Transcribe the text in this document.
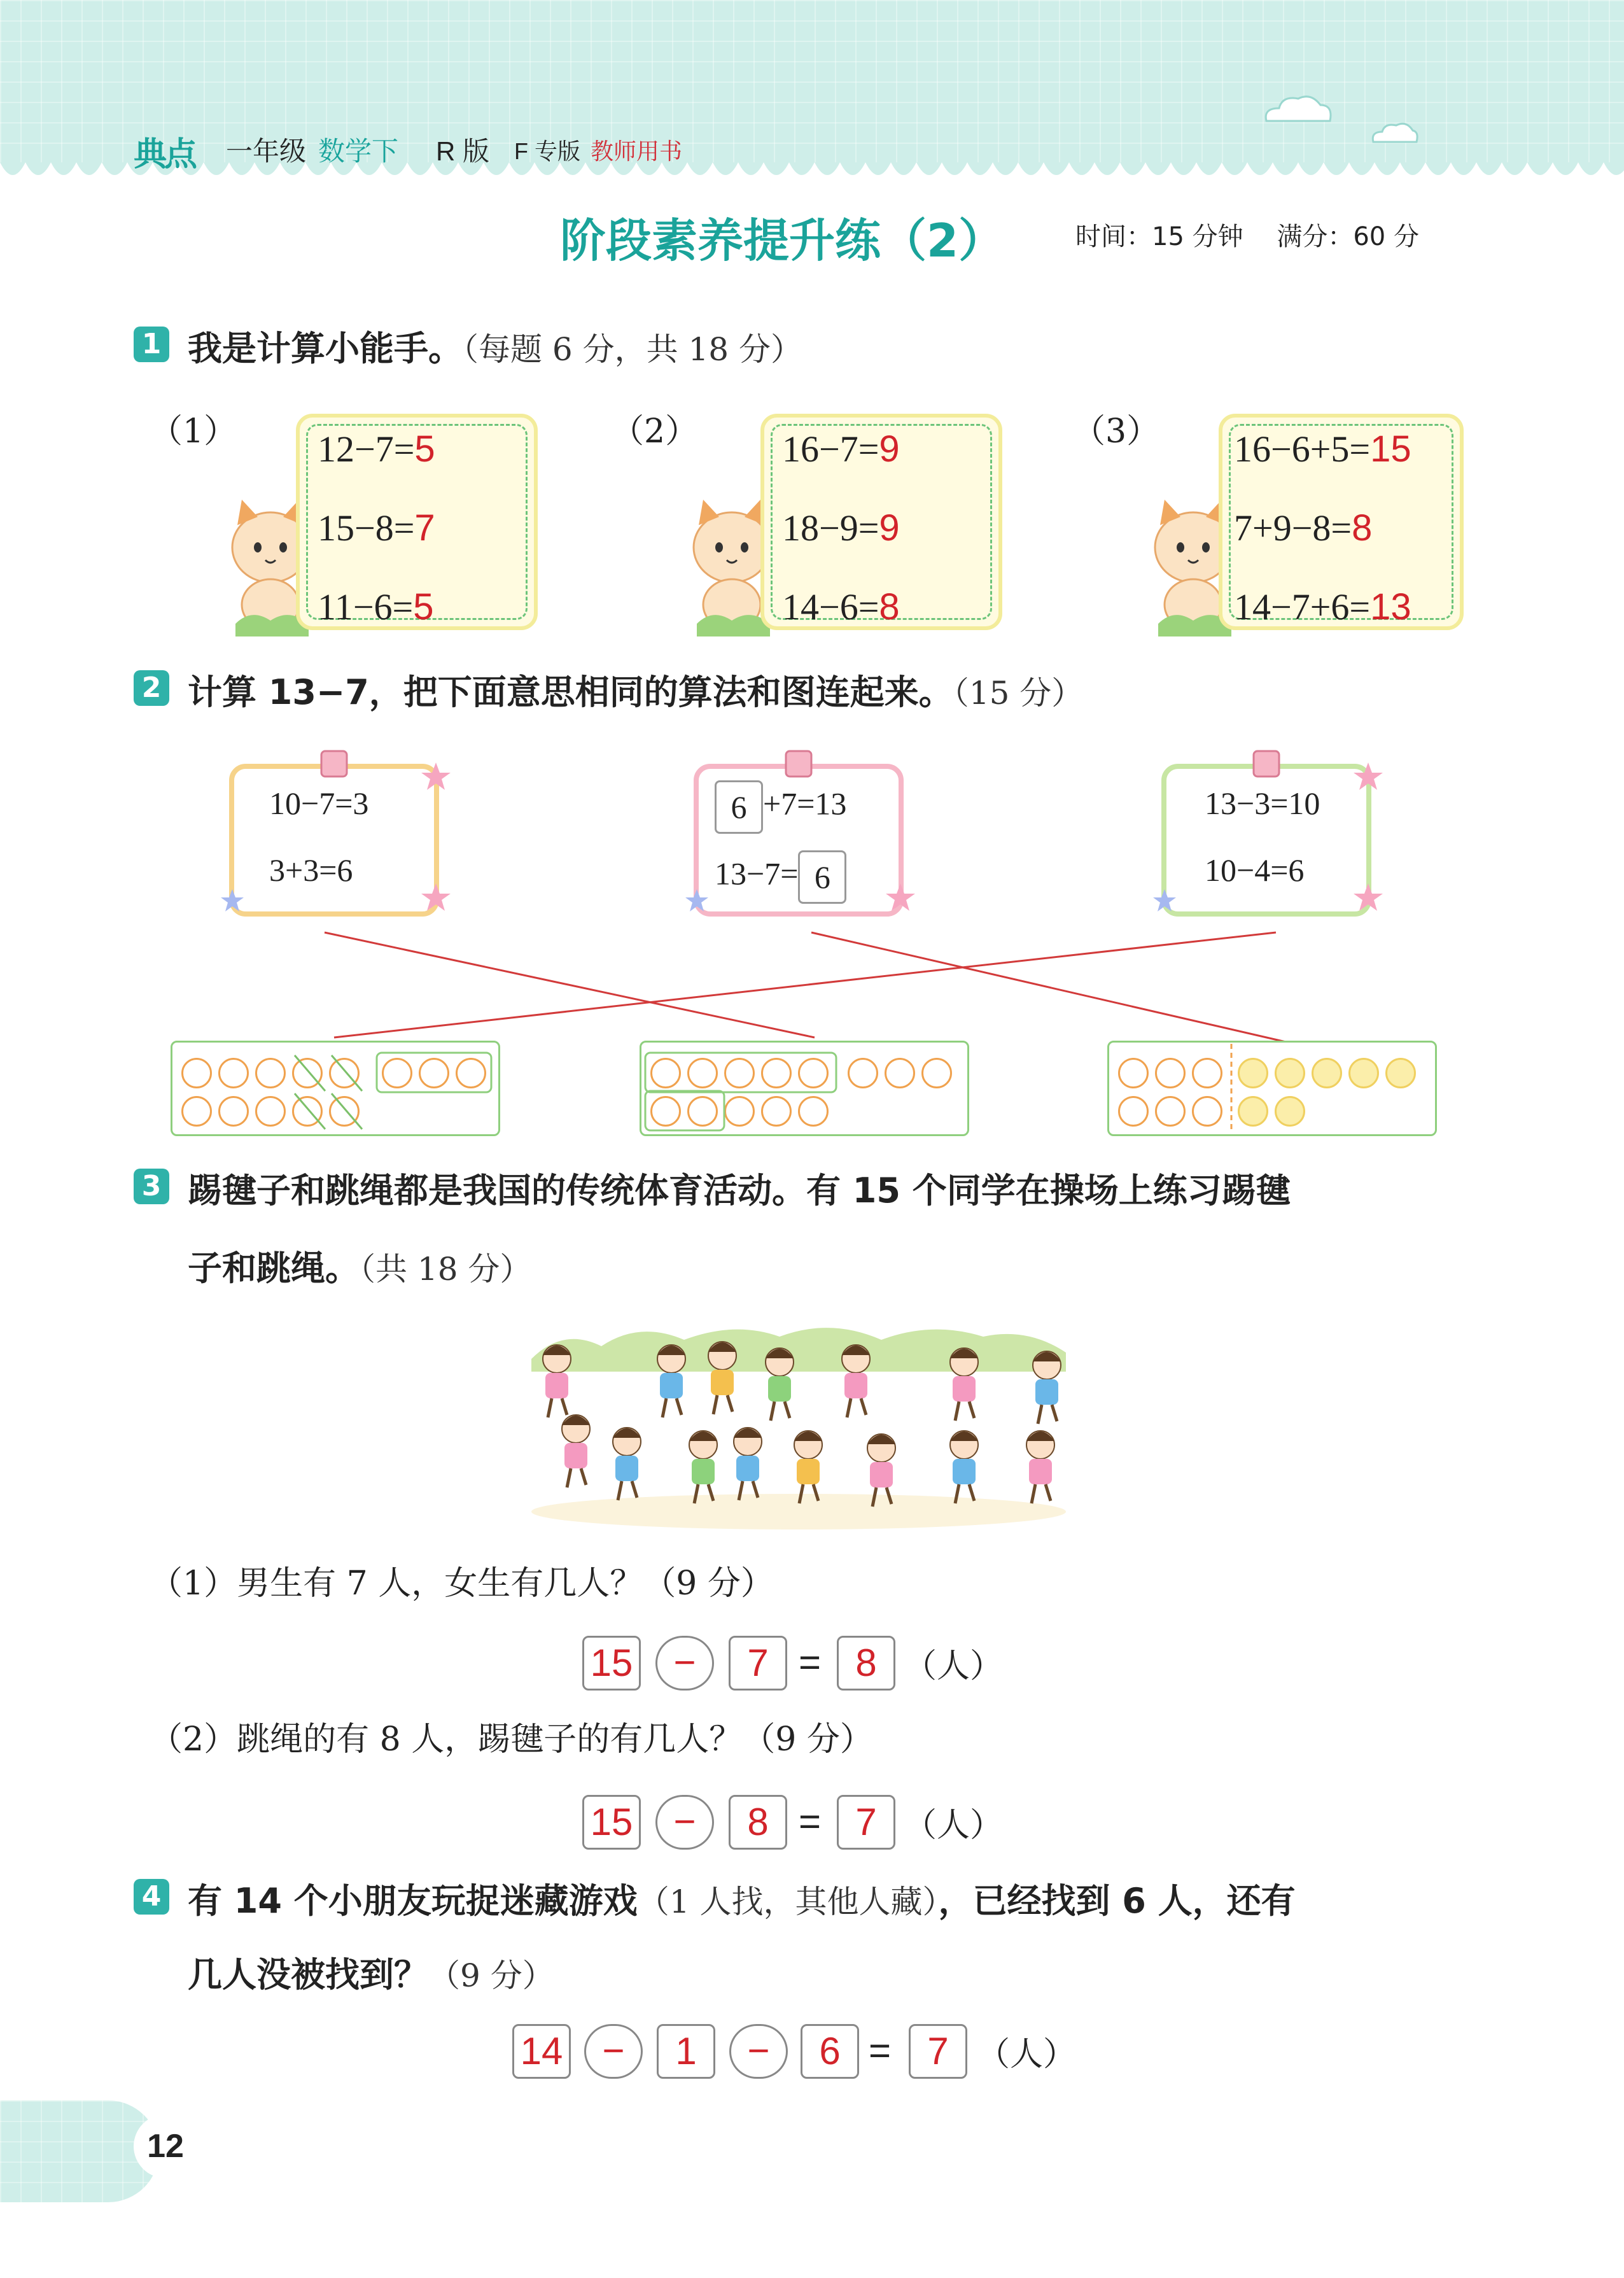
典点 一年级 数学下 R 版 F 专版 教师用书
阶段素养提升练（2）	时间：15 分钟　 满分：60 分
1 我是计算小能手。（每题 6 分，共 18 分）
（1）	（2）	（3）
12−7=5
15−8=7
11−6=5
16−7=9
18−9=9
14−6=8
16−6+5=15
7+9−8=8
14−7+6=13
2 计算 13−7，把下面意思相同的算法和图连起来。（15 分）
10−7=3
3+3=6
6 +7=13
13−7= 6
13−3=10
10−4=6
3 踢毽子和跳绳都是我国的传统体育活动。有 15 个同学在操场上练习踢毽
子和跳绳。（共 18 分）
（1）男生有 7 人，女生有几人？（9 分）
15	−	7 = 8 （人）
（2）跳绳的有 8 人，踢毽子的有几人？（9 分）
15	−	8 = 7 （人）
4 有 14 个小朋友玩捉迷藏游戏（1 人找，其他人藏），已经找到 6 人，还有
几人没被找到？（9 分）
14	−	1	−	6 = 7 （人）
12
